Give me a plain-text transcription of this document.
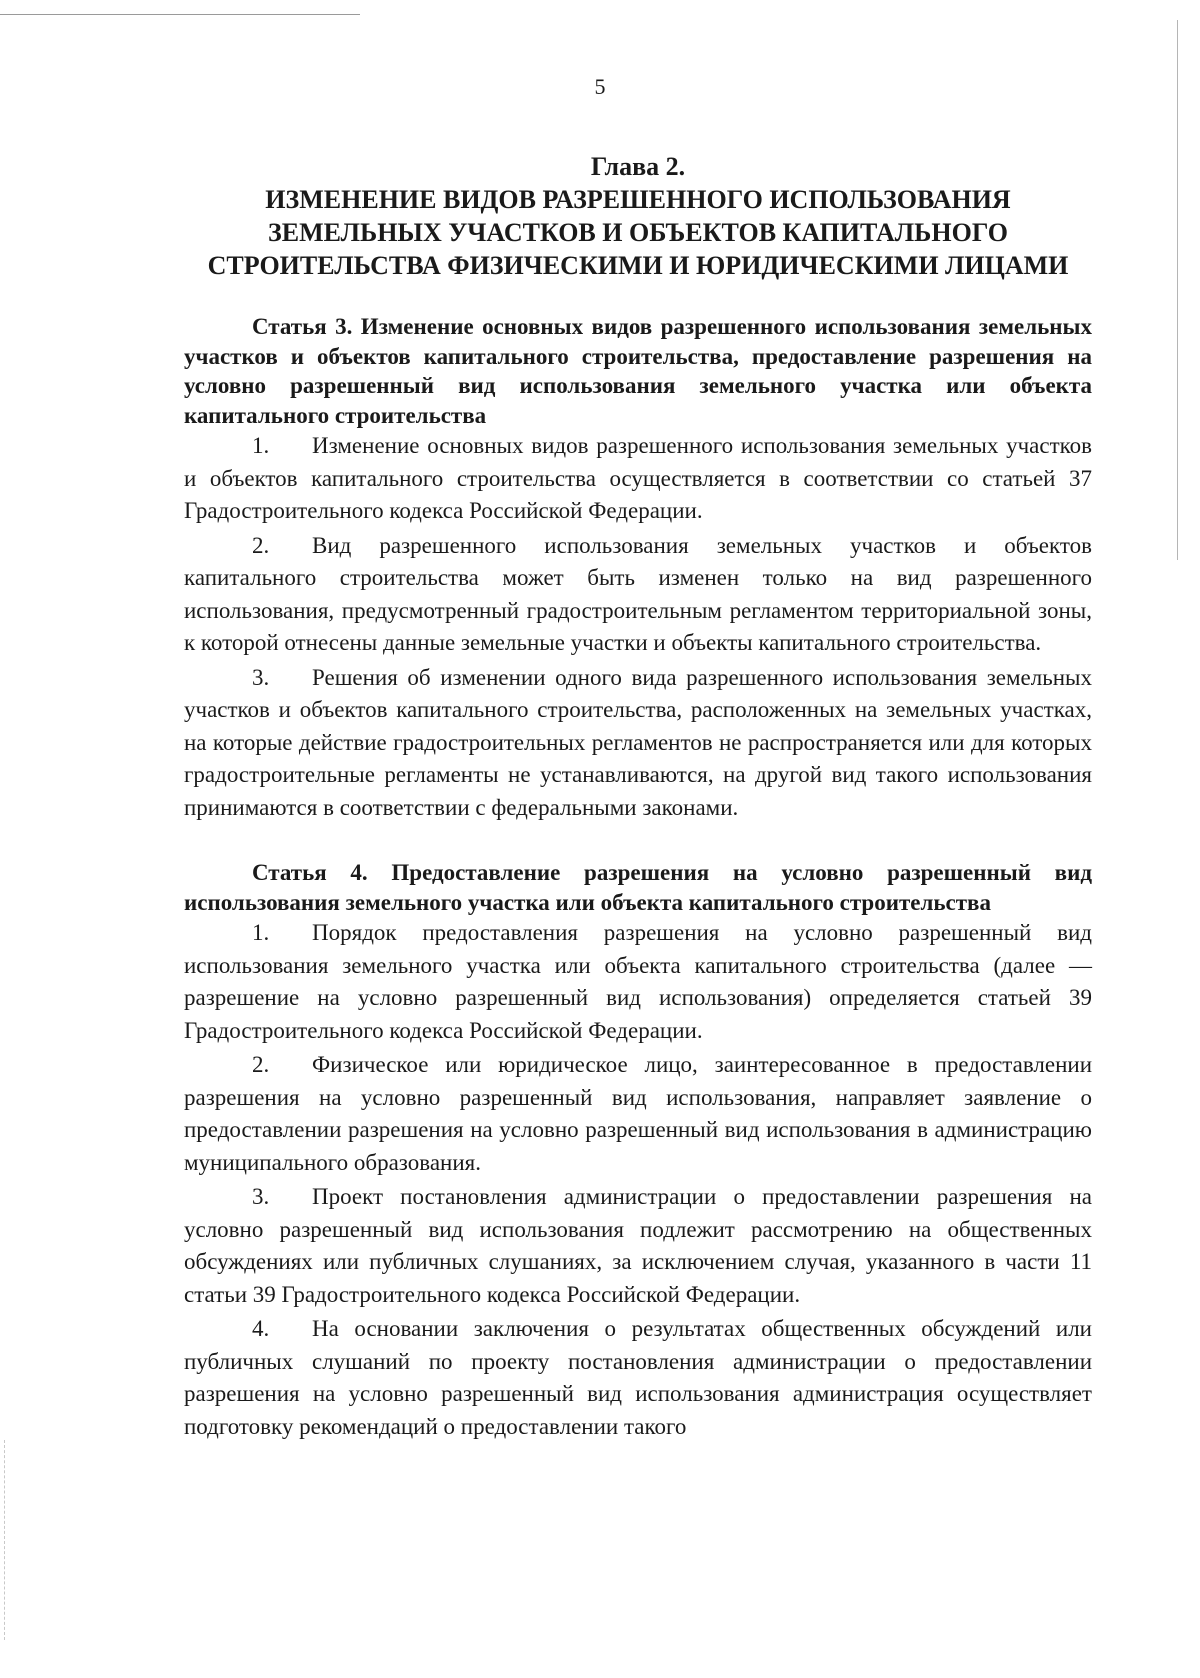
5
Глава 2.
ИЗМЕНЕНИЕ ВИДОВ РАЗРЕШЕННОГО ИСПОЛЬЗОВАНИЯ
ЗЕМЕЛЬНЫХ УЧАСТКОВ И ОБЪЕКТОВ КАПИТАЛЬНОГО
СТРОИТЕЛЬСТВА ФИЗИЧЕСКИМИ И ЮРИДИЧЕСКИМИ ЛИЦАМИ

Статья 3. Изменение основных видов разрешенного использования земельных участков и объектов капитального строительства, предоставление разрешения на условно разрешенный вид использования земельного участка или объекта капитального строительства

1. Изменение основных видов разрешенного использования земельных участков и объектов капитального строительства осуществляется в соответствии со статьей 37 Градостроительного кодекса Российской Федерации.

2. Вид разрешенного использования земельных участков и объектов капитального строительства может быть изменен только на вид разрешенного использования, предусмотренный градостроительным регламентом территориальной зоны, к которой отнесены данные земельные участки и объекты капитального строительства.

3. Решения об изменении одного вида разрешенного использования земельных участков и объектов капитального строительства, расположенных на земельных участках, на которые действие градостроительных регламентов не распространяется или для которых градостроительные регламенты не устанавливаются, на другой вид такого использования принимаются в соответствии с федеральными законами.

Статья 4. Предоставление разрешения на условно разрешенный вид использования земельного участка или объекта капитального строительства

1. Порядок предоставления разрешения на условно разрешенный вид использования земельного участка или объекта капитального строительства (далее — разрешение на условно разрешенный вид использования) определяется статьей 39 Градостроительного кодекса Российской Федерации.

2. Физическое или юридическое лицо, заинтересованное в предоставлении разрешения на условно разрешенный вид использования, направляет заявление о предоставлении разрешения на условно разрешенный вид использования в администрацию муниципального образования.

3. Проект постановления администрации о предоставлении разрешения на условно разрешенный вид использования подлежит рассмотрению на общественных обсуждениях или публичных слушаниях, за исключением случая, указанного в части 11 статьи 39 Градостроительного кодекса Российской Федерации.

4. На основании заключения о результатах общественных обсуждений или публичных слушаний по проекту постановления администрации о предоставлении разрешения на условно разрешенный вид использования администрация осуществляет подготовку рекомендаций о предоставлении такого
